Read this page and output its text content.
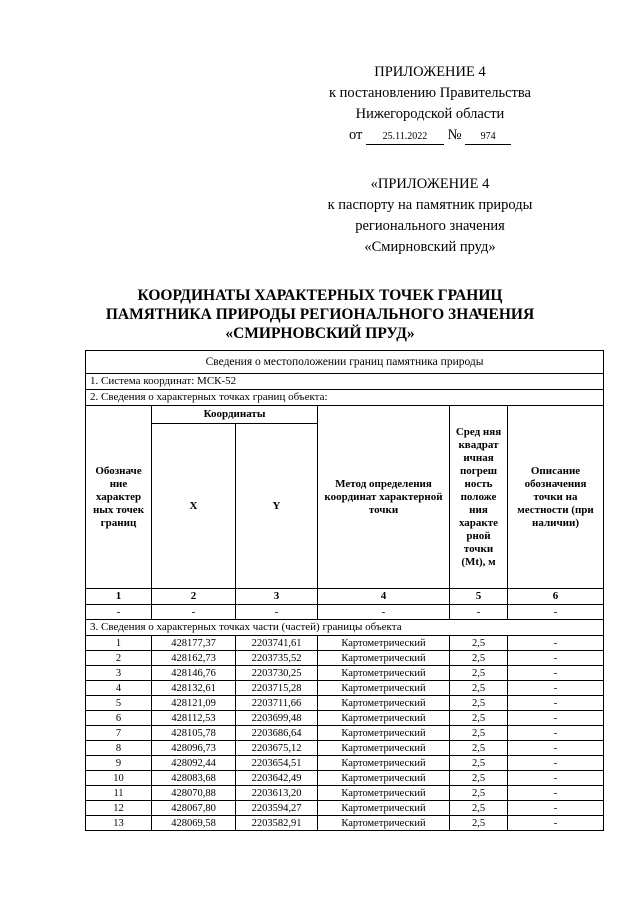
ПРИЛОЖЕНИЕ 4
к постановлению Правительства
Нижегородской области
от 25.11.2022 № 974
«ПРИЛОЖЕНИЕ 4
к паспорту на памятник природы
регионального значения
«Смирновский пруд»
КООРДИНАТЫ ХАРАКТЕРНЫХ ТОЧЕК ГРАНИЦ
ПАМЯТНИКА ПРИРОДЫ РЕГИОНАЛЬНОГО ЗНАЧЕНИЯ
«СМИРНОВСКИЙ ПРУД»
Сведения о местоположении границ памятника природы					
1. Система координат: МСК-52					
2. Сведения о характерных точках границ объекта:					
Обозначе ние характер ных точек границ	Координаты		Метод определения координат характерной точки	Сред няя квадрат ичная погреш ность положе ния характе рной точки (Mt), м	Описание обозначения точки на местности (при наличии)
	X	Y			
1	2	3	4	5	6
-	-	-	-	-	-
3. Сведения о характерных точках части (частей) границы объекта					
1	428177,37	2203741,61	Картометрический	2,5	-
2	428162,73	2203735,52	Картометрический	2,5	-
3	428146,76	2203730,25	Картометрический	2,5	-
4	428132,61	2203715,28	Картометрический	2,5	-
5	428121,09	2203711,66	Картометрический	2,5	-
6	428112,53	2203699,48	Картометрический	2,5	-
7	428105,78	2203686,64	Картометрический	2,5	-
8	428096,73	2203675,12	Картометрический	2,5	-
9	428092,44	2203654,51	Картометрический	2,5	-
10	428083,68	2203642,49	Картометрический	2,5	-
11	428070,88	2203613,20	Картометрический	2,5	-
12	428067,80	2203594,27	Картометрический	2,5	-
13	428069,58	2203582,91	Картометрический	2,5	-
